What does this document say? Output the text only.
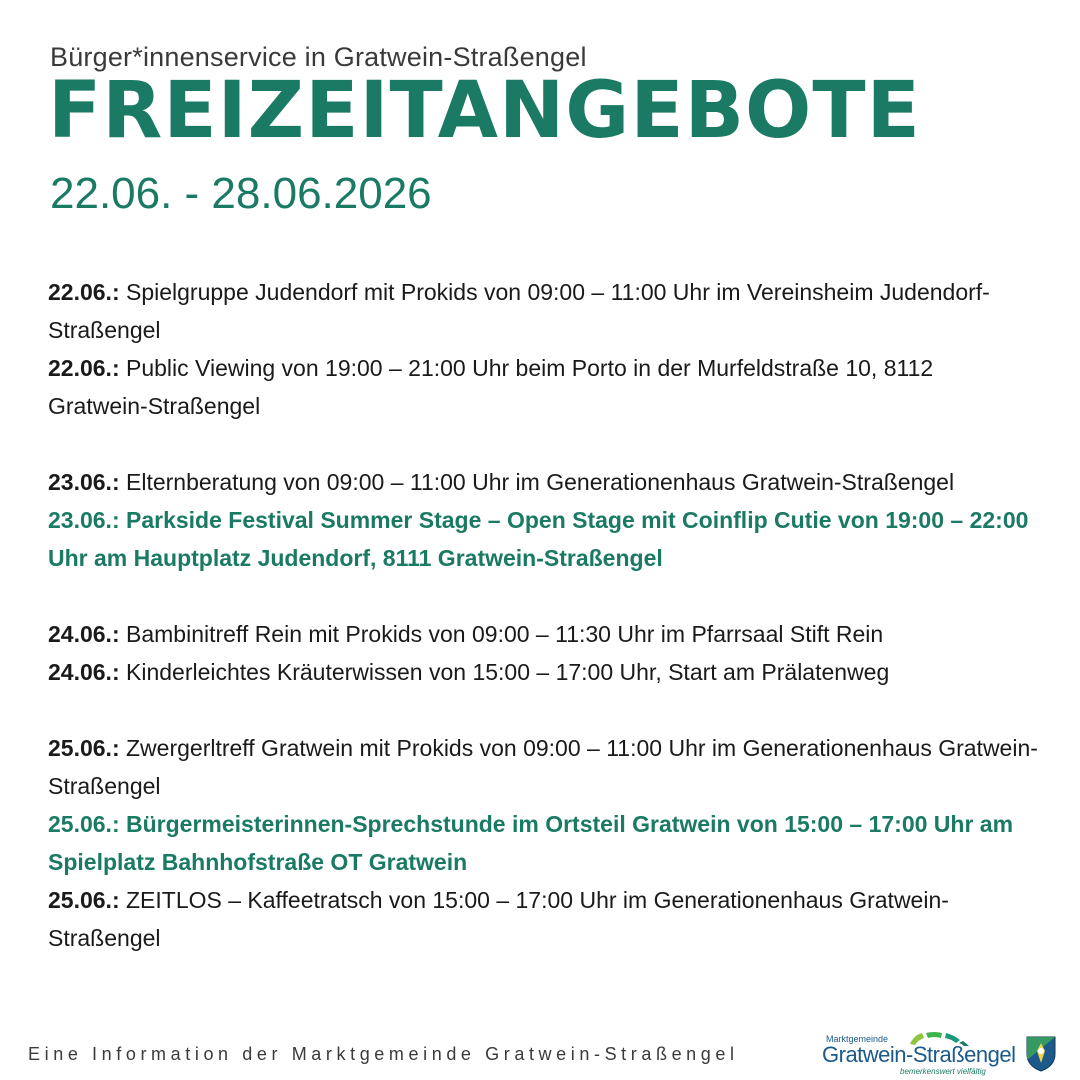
Bürger*innenservice in Gratwein-Straßengel
FREIZEITANGEBOTE
22.06. - 28.06.2026
22.06.: Spielgruppe Judendorf mit Prokids von 09:00 – 11:00 Uhr im Vereinsheim Judendorf-Straßengel
22.06.: Public Viewing von 19:00 – 21:00 Uhr beim Porto in der Murfeldstraße 10, 8112 Gratwein-Straßengel
23.06.: Elternberatung von 09:00 – 11:00 Uhr im Generationenhaus Gratwein-Straßengel
23.06.: Parkside Festival Summer Stage – Open Stage mit Coinflip Cutie von 19:00 – 22:00 Uhr am Hauptplatz Judendorf, 8111 Gratwein-Straßengel
24.06.: Bambinitreff Rein mit Prokids von 09:00 – 11:30 Uhr im Pfarrsaal Stift Rein
24.06.: Kinderleichtes Kräuterwissen von 15:00 – 17:00 Uhr, Start am Prälatenweg
25.06.: Zwergerltreff Gratwein mit Prokids von 09:00 – 11:00 Uhr im Generationenhaus Gratwein-Straßengel
25.06.: Bürgermeisterinnen-Sprechstunde im Ortsteil Gratwein von 15:00 – 17:00 Uhr am Spielplatz Bahnhofstraße OT Gratwein
25.06.: ZEITLOS – Kaffeetratsch von 15:00 – 17:00 Uhr im Generationenhaus Gratwein-Straßengel
Eine Information der Marktgemeinde Gratwein-Straßengel
Marktgemeinde
Gratwein-Straßengel
bemerkenswert vielfältig
